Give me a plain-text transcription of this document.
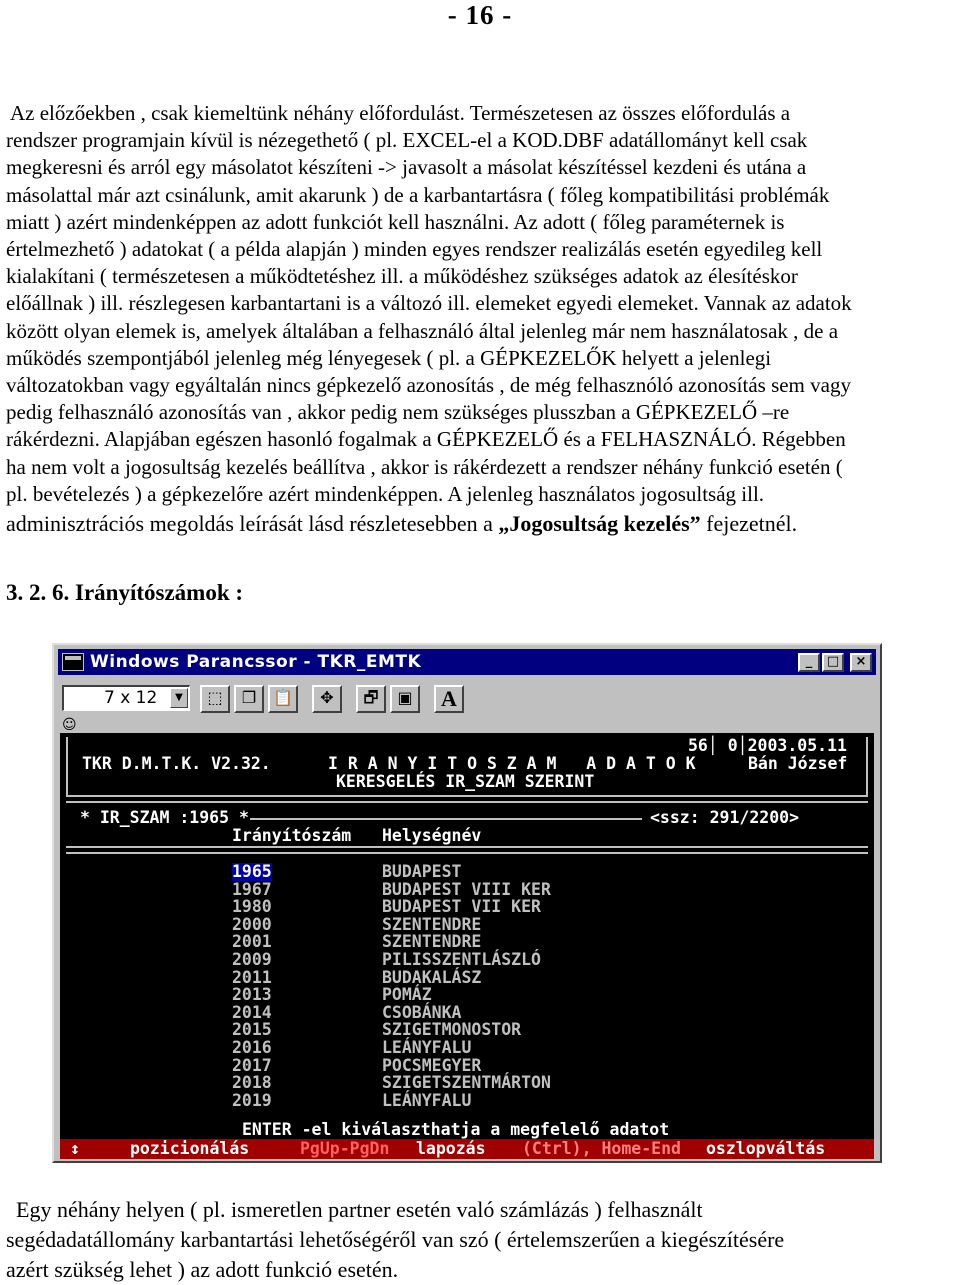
- 16 -
Az előzőekben , csak kiemeltünk néhány előfordulást. Természetesen az összes előfordulás a
rendszer programjain kívül is nézegethető ( pl. EXCEL-el a KOD.DBF adatállományt kell csak
megkeresni és arról egy másolatot készíteni -> javasolt a másolat készítéssel kezdeni és utána a
másolattal már azt csinálunk, amit akarunk ) de a karbantartásra ( főleg kompatibilitási problémák
miatt ) azért mindenképpen az adott funkciót kell használni. Az adott ( főleg paraméternek is
értelmezhető ) adatokat ( a példa alapján ) minden egyes rendszer realizálás esetén egyedileg kell
kialakítani ( természetesen a működtetéshez ill. a működéshez szükséges adatok az élesítéskor
előállnak ) ill. részlegesen karbantartani is a változó ill. elemeket egyedi elemeket. Vannak az adatok
között olyan elemek is, amelyek általában a felhasználó által jelenleg már nem használatosak , de a
működés szempontjából jelenleg még lényegesek ( pl. a GÉPKEZELŐK helyett a jelenlegi
változatokban vagy egyáltalán nincs gépkezelő azonosítás , de még felhasznóló azonosítás sem vagy
pedig felhasználó azonosítás van , akkor pedig nem szükséges plusszban a GÉPKEZELŐ –re
rákérdezni. Alapjában egészen hasonló fogalmak a GÉPKEZELŐ és a FELHASZNÁLÓ. Régebben
ha nem volt a jogosultság kezelés beállítva , akkor is rákérdezett a rendszer néhány funkció esetén (
pl. bevételezés ) a gépkezelőre azért mindenképpen. A jelenleg használatos jogosultság ill.
adminisztrációs megoldás leírását lásd részletesebben a „Jogosultság kezelés” fejezetnél.
3. 2. 6. Irányítószámok :
Windows Parancssor - TKR_EMTK	_	□	×
7 x 12	▼	⬚	❐	📋	✥	🗗	▣	A
☺
56│ 0│2003.05.11
TKR D.M.T.K. V2.32.	I R A N Y I T O S Z A M   A D A T O K	Bán József
KERESGELÉS IR_SZAM SZERINT
* IR_SZAM :1965 *	<ssz: 291/2200>
Irányítószám Helységnév
1965	BUDAPEST
1967	BUDAPEST VIII KER
1980	BUDAPEST VII KER
2000	SZENTENDRE
2001	SZENTENDRE
2009	PILISSZENTLÁSZLÓ
2011	BUDAKALÁSZ
2013	POMÁZ
2014	CSOBÁNKA
2015	SZIGETMONOSTOR
2016	LEÁNYFALU
2017	POCSMEGYER
2018	SZIGETSZENTMÁRTON
2019	LEÁNYFALU
ENTER -el kiválaszthatja a megfelelő adatot
↕	pozicionálás	PgUp-PgDn lapozás (Ctrl), Home-End oszlopváltás
Egy néhány helyen ( pl. ismeretlen partner esetén való számlázás ) felhasznált
segédadatállomány karbantartási lehetőségéről van szó ( értelemszerűen a kiegészítésére
azért szükség lehet ) az adott funkció esetén.
